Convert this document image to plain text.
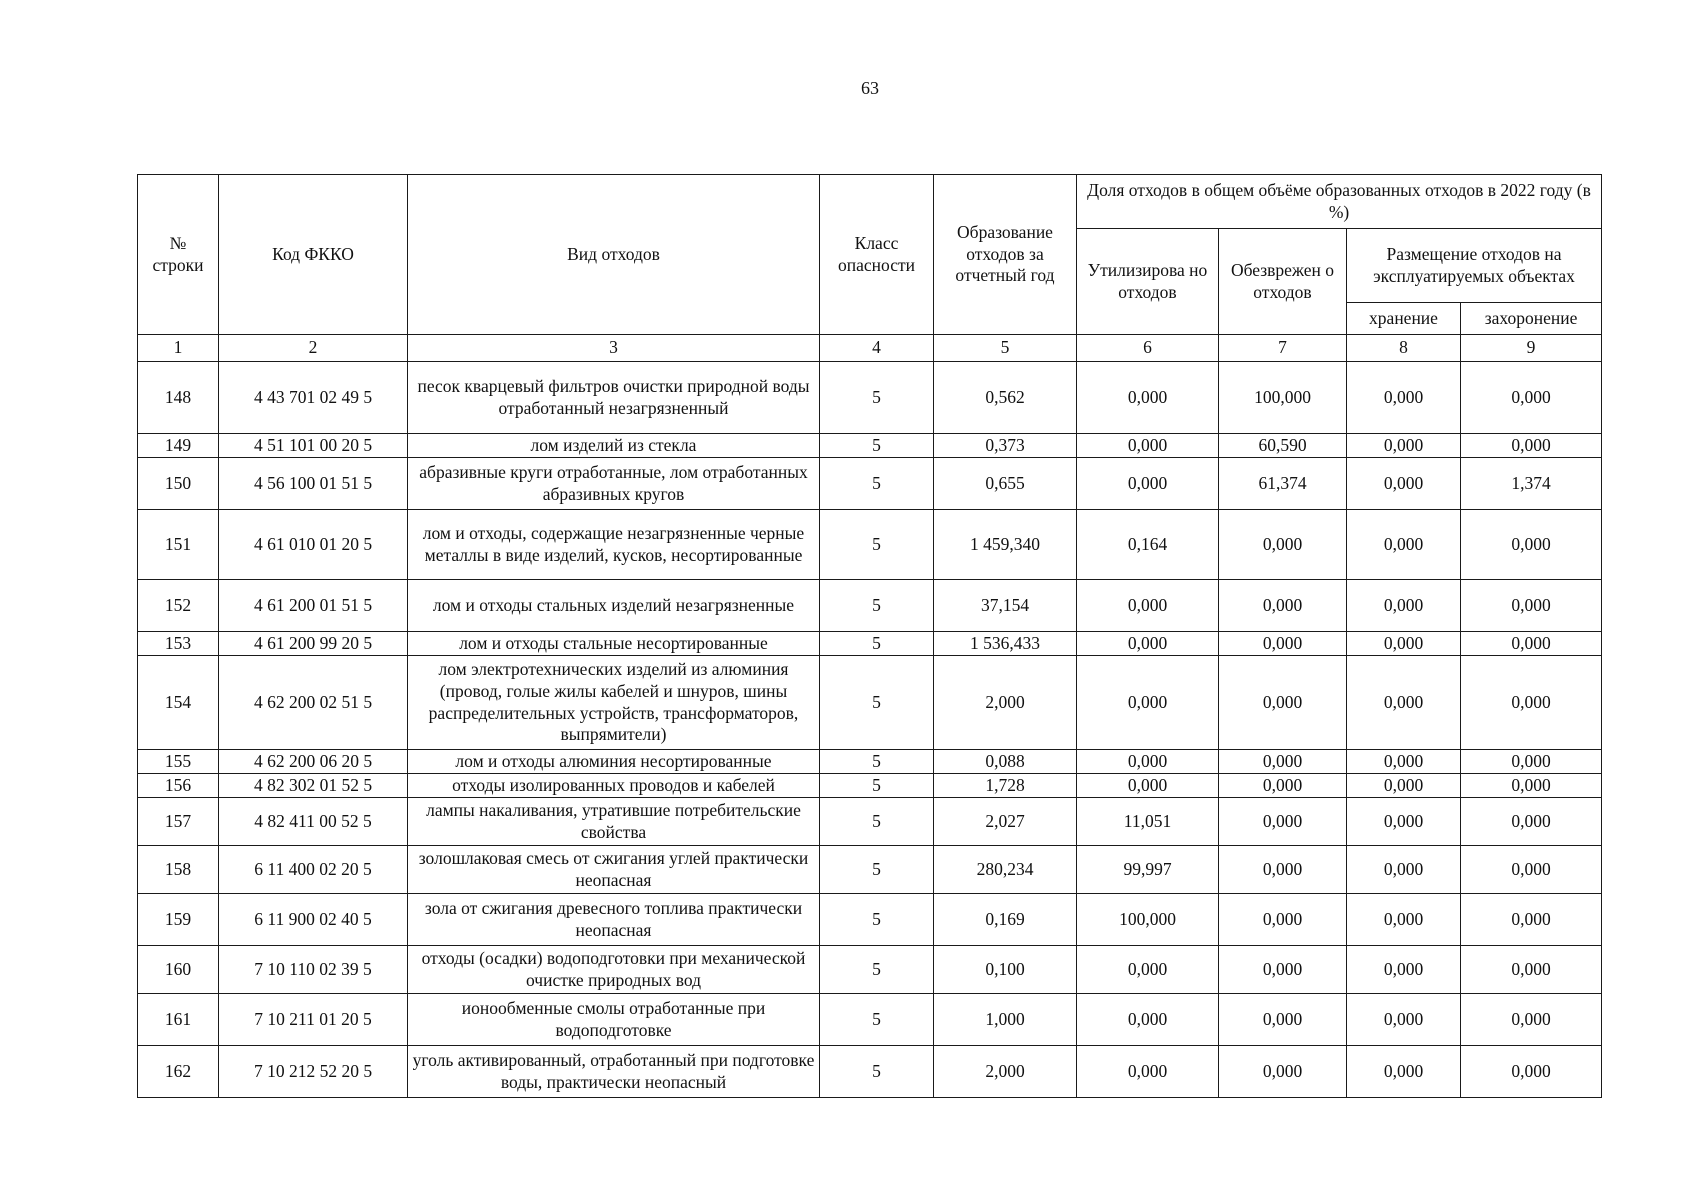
63
№ строки	Код ФККО	Вид отходов	Класс опасности	Образование отходов за отчетный год	Доля отходов в общем объёме образованных отходов в 2022 году (в %)			
					Утилизирова но отходов	Обезврежен о отходов	Размещение отходов на эксплуатируемых объектах	
							хранение	захоронение
1	2	3	4	5	6	7	8	9
148	4 43 701 02 49 5	песок кварцевый фильтров очистки природной воды отработанный незагрязненный	5	0,562	0,000	100,000	0,000	0,000
149	4 51 101 00 20 5	лом изделий из стекла	5	0,373	0,000	60,590	0,000	0,000
150	4 56 100 01 51 5	абразивные круги отработанные, лом отработанных абразивных кругов	5	0,655	0,000	61,374	0,000	1,374
151	4 61 010 01 20 5	лом и отходы, содержащие незагрязненные черные металлы в виде изделий, кусков, несортированные	5	1 459,340	0,164	0,000	0,000	0,000
152	4 61 200 01 51 5	лом и отходы стальных изделий незагрязненные	5	37,154	0,000	0,000	0,000	0,000
153	4 61 200 99 20 5	лом и отходы стальные несортированные	5	1 536,433	0,000	0,000	0,000	0,000
154	4 62 200 02 51 5	лом электротехнических изделий из алюминия (провод, голые жилы кабелей и шнуров, шины распределительных устройств, трансформаторов, выпрямители)	5	2,000	0,000	0,000	0,000	0,000
155	4 62 200 06 20 5	лом и отходы алюминия несортированные	5	0,088	0,000	0,000	0,000	0,000
156	4 82 302 01 52 5	отходы изолированных проводов и кабелей	5	1,728	0,000	0,000	0,000	0,000
157	4 82 411 00 52 5	лампы накаливания, утратившие потребительские свойства	5	2,027	11,051	0,000	0,000	0,000
158	6 11 400 02 20 5	золошлаковая смесь от сжигания углей практически неопасная	5	280,234	99,997	0,000	0,000	0,000
159	6 11 900 02 40 5	зола от сжигания древесного топлива практически неопасная	5	0,169	100,000	0,000	0,000	0,000
160	7 10 110 02 39 5	отходы (осадки) водоподготовки при механической очистке природных вод	5	0,100	0,000	0,000	0,000	0,000
161	7 10 211 01 20 5	ионообменные смолы отработанные при водоподготовке	5	1,000	0,000	0,000	0,000	0,000
162	7 10 212 52 20 5	уголь активированный, отработанный при подготовке воды, практически неопасный	5	2,000	0,000	0,000	0,000	0,000
